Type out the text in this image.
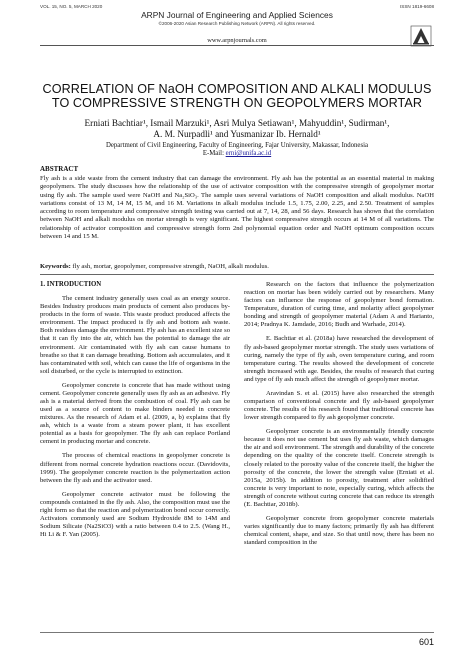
VOL. 15, NO. 5, MARCH 2020	ISSN 1819-6608
ARPN Journal of Engineering and Applied Sciences
©2006-2020 Asian Research Publishing Network (ARPN). All rights reserved.
www.arpnjournals.com
CORRELATION OF NaOH COMPOSITION AND ALKALI MODULUS
TO COMPRESSIVE STRENGTH ON GEOPOLYMERS MORTAR
Erniati Bachtiar¹, Ismail Marzuki¹, Asri Mulya Setiawan¹, Mahyuddin¹, Sudirman¹,
A. M. Nurpadli¹ and Yusmanizar Ib. Hernald¹
Department of Civil Engineering, Faculty of Engineering, Fajar University, Makassar, Indonesia
E-Mail: erni@unifa.ac.id
ABSTRACT

Fly ash is a side waste from the cement industry that can damage the environment. Fly ash has the potential as an essential material in making geopolymers. The study discusses how the relationship of the use of activator composition with the compressive strength of geopolymer mortar using fly ash. The sample used were NaOH and Na₂SiO₃. The sample uses several variations of NaOH composition and alkali modulus. NaOH variations consist of 13 M, 14 M, 15 M, and 16 M. Variations in alkali modulus include 1.5, 1.75, 2.00, 2.25, and 2.50. Treatment of samples according to room temperature and compressive strength testing was carried out at 7, 14, 28, and 56 days. Research has shown that the correlation between NaOH and alkali modulus on mortar strength is very significant. The highest compressive strength occurs at 14 M of all variations. The relationship of activator composition and compressive strength form 2nd polynomial equation order and NaOH optimum composition occurs between 14 and 15 M.

Keywords: fly ash, mortar, geopolymer, compressive strength, NaOH, alkali modulus.

1. INTRODUCTION

The cement industry generally uses coal as an energy source. Besides Industry produces main products of cement also produces by-products in the form of waste. This waste product produced affects the environment. The impact produced is fly ash and bottom ash waste. Both residues damage the environment. Fly ash has an excellent size so that it can fly into the air, which has the potential to damage the air environment. Air contaminated with fly ash can cause humans to breathe so that it can damage breathing. Bottom ash accumulates, and it has contaminated with soil, which can cause the life of organisms in the soil disturbed, or the cycle is interrupted to extinction.

Geopolymer concrete is concrete that has made without using cement. Geopolymer concrete generally uses fly ash as an adhesive. Fly ash is a material derived from the combustion of coal. Fly ash can be used as a source of content to make binders needed in concrete mixtures. As the research of Adam et al. (2009, a, b) explains that fly ash, which is a waste from a steam power plant, it has excellent potential as a basis for geopolymer. The fly ash can replace Portland cement in producing mortar and concrete.

The process of chemical reactions in geopolymer concrete is different from normal concrete hydration reactions occur. (Davidovits, 1999). The geopolymer concrete reaction is the polymerization action between the fly ash and the activator used.

Geopolymer concrete activator must be following the compounds contained in the fly ash. Also, the composition must use the right form so that the reaction and polymerization bond occur correctly. Activators commonly used are Sodium Hydroxide 8M to 14M and Sodium Silicate (Na2SiO3) with a ratio between 0.4 to 2.5. (Wang H., Hi Li & F. Yan (2005).

Research on the factors that influence the polymerization reaction on mortar has been widely carried out by researchers. Many factors can influence the response of geopolymer bond formation. Temperature, duration of curing time, and molarity affect geopolymer bonding and strength of geopolymer material (Adam A and Harianto, 2014; Pradnya K. Jamdade, 2016; Budh and Warhade, 2014).

E. Bachtiar et al. (2018a) have researched the development of fly ash-based geopolymer mortar strength. The study uses variations of curing, namely the type of fly ash, oven temperature curing, and room temperature curing. The results showed the development of concrete strength increased with age. Besides, the results of research that curing and type of fly ash much affect the strength of geopolymer mortar.

Aravindan S. et al. (2015) have also researched the strength comparison of conventional concrete and fly ash-based geopolymer concrete. The results of his research found that traditional concrete has lower strength compared to fly ash geopolymer concrete.

Geopolymer concrete is an environmentally friendly concrete because it does not use cement but uses fly ash waste, which damages the air and soil environment. The strength and durability of the concrete depending on the quality of the concrete itself. Concrete strength is closely related to the porosity value of the concrete itself, the higher the porosity of the concrete, the lower the strength value (Erniati et al. 2015a, 2015b). In addition to porosity, treatment after solidified concrete is very important to note, especially curing, which affects the strength of concrete without curing concrete that can reduce its strength (E. Bachtiar, 2018b).

Geopolymer concrete from geopolymer concrete materials varies significantly due to many factors; primarily fly ash has different chemical content, shape, and size. So that until now, there has been no standard composition in the

601
